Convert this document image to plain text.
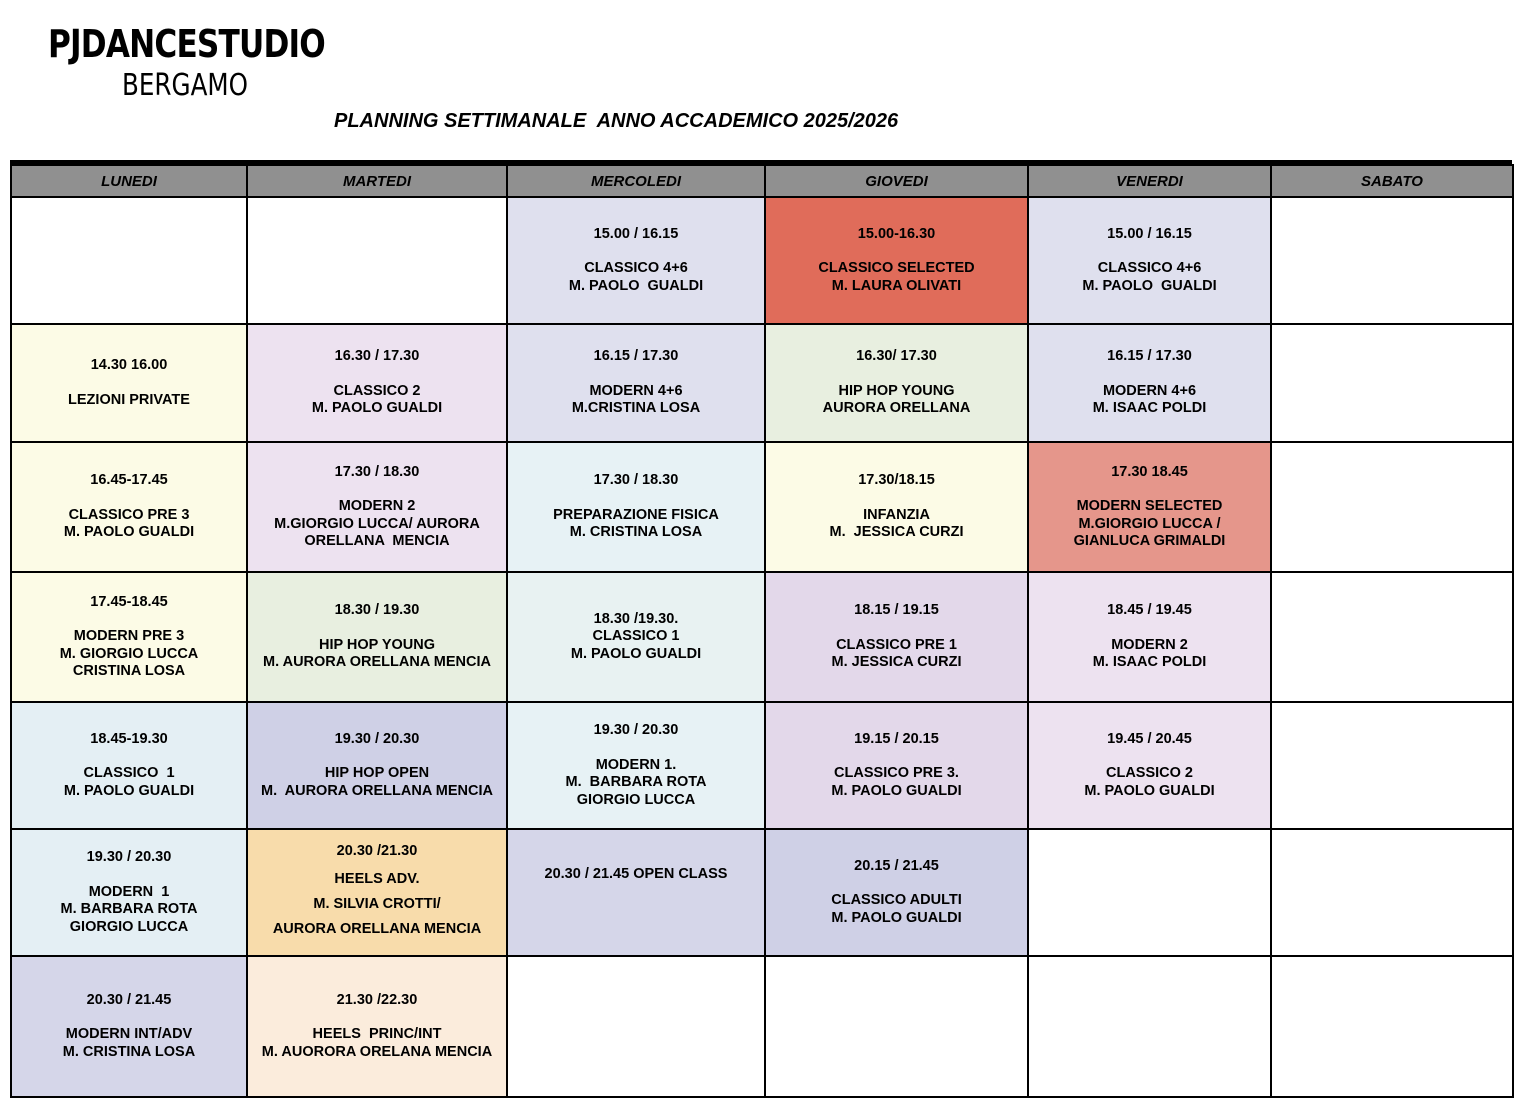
PJDANCESTUDIO
BERGAMO
PLANNING SETTIMANALE  ANNO ACCADEMICO 2025/2026
LUNEDI	MARTEDI	MERCOLEDI	GIOVEDI	VENERDI	SABATO

		15.00 / 16.15
CLASSICO 4+6
M. PAOLO  GUALDI	15.00-16.30
CLASSICO SELECTED
M. LAURA OLIVATI	15.00 / 16.15
CLASSICO 4+6
M. PAOLO  GUALDI	

14.30 16.00
LEZIONI PRIVATE	16.30 / 17.30
CLASSICO 2
M. PAOLO GUALDI	16.15 / 17.30
MODERN 4+6
M.CRISTINA LOSA	16.30/ 17.30
HIP HOP YOUNG
AURORA ORELLANA	16.15 / 17.30
MODERN 4+6
M. ISAAC POLDI	

16.45-17.45
CLASSICO PRE 3
M. PAOLO GUALDI	17.30 / 18.30
MODERN 2
M.GIORGIO LUCCA/ AURORA
ORELLANA  MENCIA	17.30 / 18.30
PREPARAZIONE FISICA
M. CRISTINA LOSA	17.30/18.15
INFANZIA
M.  JESSICA CURZI	17.30 18.45
MODERN SELECTED
M.GIORGIO LUCCA /
GIANLUCA GRIMALDI	

17.45-18.45
MODERN PRE 3
M. GIORGIO LUCCA
CRISTINA LOSA	18.30 / 19.30
HIP HOP YOUNG
M. AURORA ORELLANA MENCIA	18.30 /19.30.
CLASSICO 1
M. PAOLO GUALDI	18.15 / 19.15
CLASSICO PRE 1
M. JESSICA CURZI	18.45 / 19.45
MODERN 2
M. ISAAC POLDI	

18.45-19.30
CLASSICO  1
M. PAOLO GUALDI	19.30 / 20.30
HIP HOP OPEN
M.  AURORA ORELLANA MENCIA	19.30 / 20.30
MODERN 1.
M.  BARBARA ROTA
GIORGIO LUCCA	19.15 / 20.15
CLASSICO PRE 3.
M. PAOLO GUALDI	19.45 / 20.45
CLASSICO 2
M. PAOLO GUALDI	

19.30 / 20.30
MODERN  1
M. BARBARA ROTA
GIORGIO LUCCA	20.30 /21.30
HEELS ADV.
M. SILVIA CROTTI/
AURORA ORELLANA MENCIA	20.30 / 21.45 OPEN CLASS	20.15 / 21.45
CLASSICO ADULTI
M. PAOLO GUALDI		

20.30 / 21.45
MODERN INT/ADV
M. CRISTINA LOSA	21.30 /22.30
HEELS  PRINC/INT
M. AUORORA ORELANA MENCIA				
